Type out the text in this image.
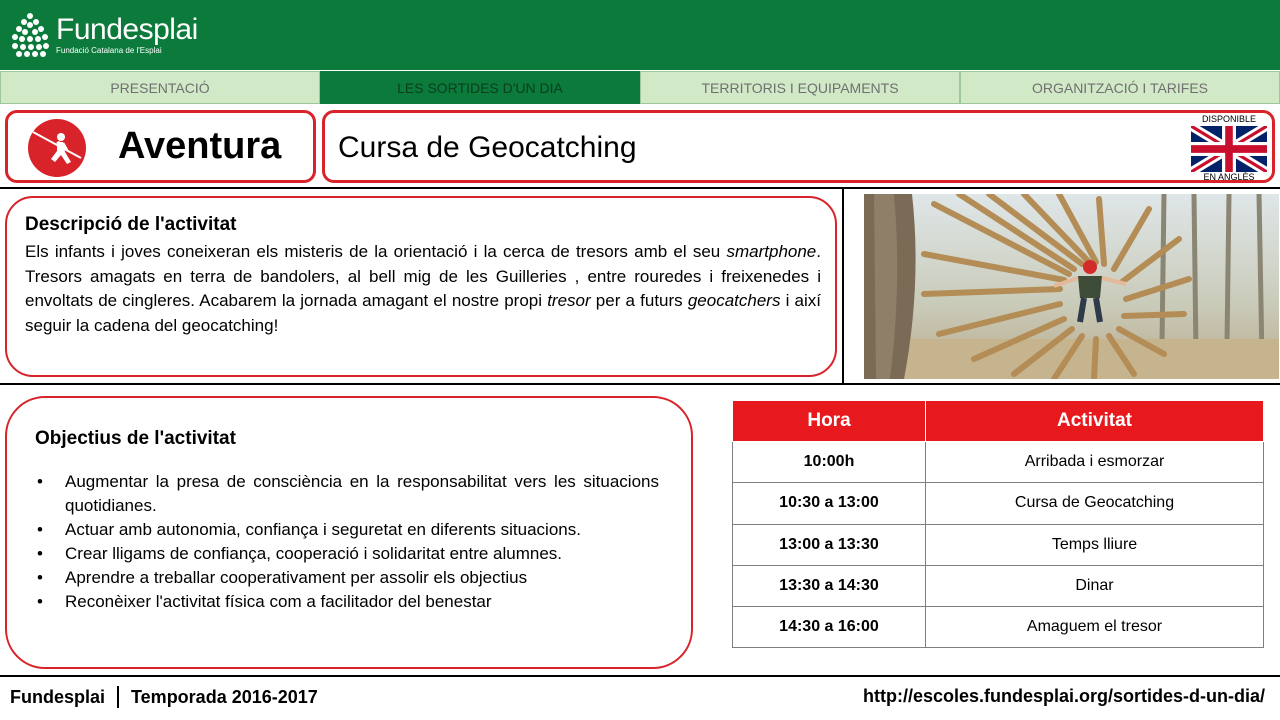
Fundesplai
Fundació Catalana de l'Esplai
PRESENTACIÓ	LES SORTIDES D'UN DIA	TERRITORIS I EQUIPAMENTS	ORGANITZACIÓ I TARIFES
Aventura Cursa de Geocatching
DISPONIBLE
EN ANGLÈS
Descripció de l'activitat
Els infants i joves coneixeran els misteris de la orientació i la cerca de tresors amb el seu smartphone. Tresors amagats en terra de bandolers, al bell mig de les Guilleries , entre rouredes i freixenedes i envoltats de cingleres. Acabarem la jornada amagant el nostre propi tresor per a futurs geocatchers i així seguir la cadena del geocatching!
Objectius de l'activitat
• Augmentar la presa de consciència en la responsabilitat vers les situacions quotidianes.
• Actuar amb autonomia, confiança i seguretat en diferents situacions.
• Crear lligams de confiança, cooperació i solidaritat entre alumnes.
• Aprendre a treballar cooperativament per assolir els objectius
• Reconèixer l'activitat física com a facilitador del benestar
Hora	Activitat
10:00h	Arribada i esmorzar
10:30 a 13:00	Cursa de Geocatching
13:00 a 13:30	Temps lliure
13:30 a 14:30	Dinar
14:30 a 16:00	Amaguem el tresor
Fundesplai Temporada 2016-2017	http://escoles.fundesplai.org/sortides-d-un-dia/
